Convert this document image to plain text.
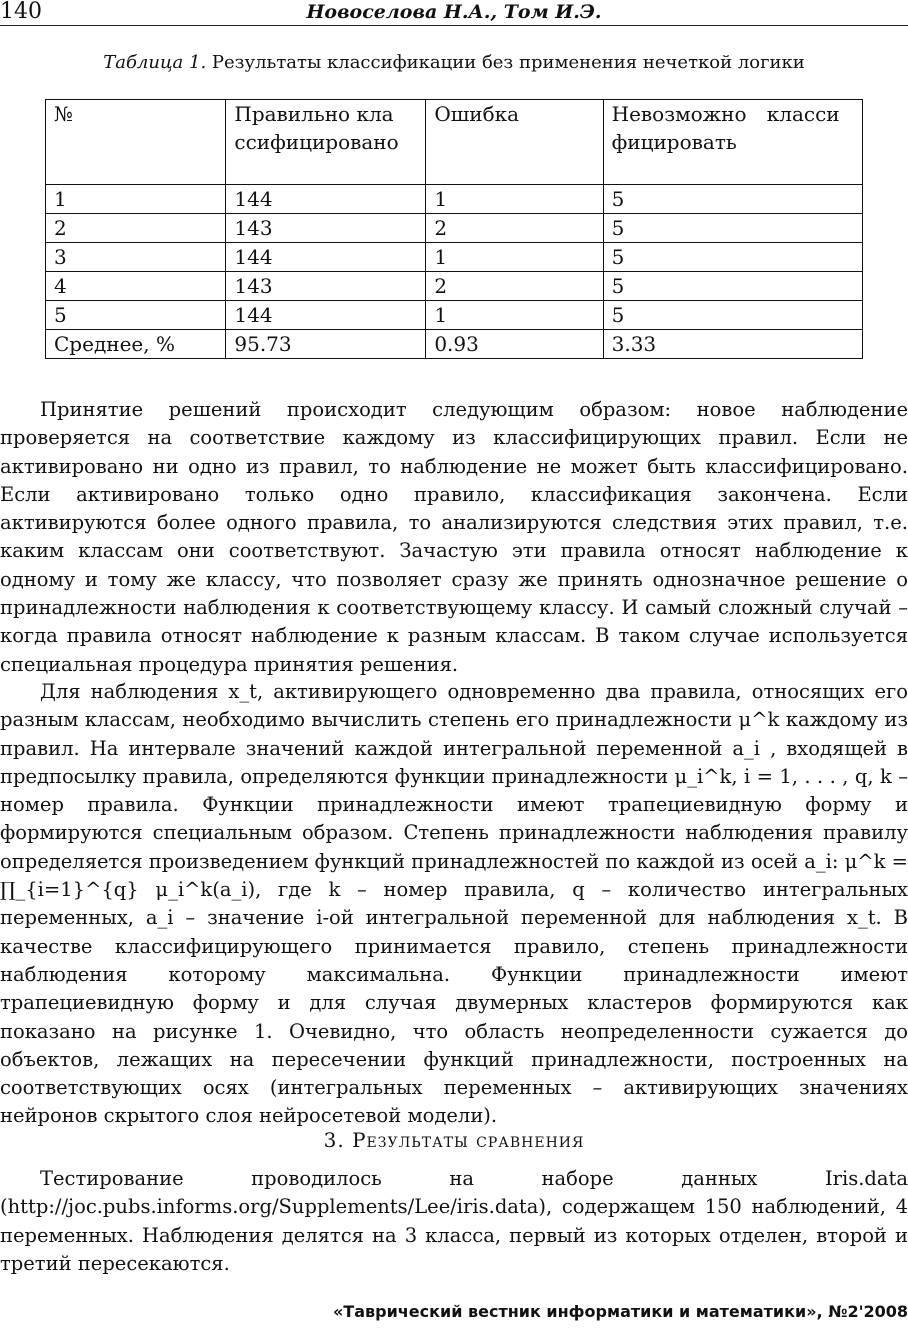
140	Новоселова Н.А., Том И.Э.
Таблица 1. Результаты классификации без применения нечеткой логики
№	Правильно классифицировано	Ошибка	Невозможно классифицировать

1	144	1	5
2	143	2	5
3	144	1	5
4	143	2	5
5	144	1	5
Среднее, %	95.73	0.93	3.33

Принятие решений происходит следующим образом: новое наблюдение проверяется на соответствие каждому из классифицирующих правил. Если не активировано ни одно из правил, то наблюдение не может быть классифицировано. Если активировано только одно правило, классификация закончена. Если активируются более одного правила, то анализируются следствия этих правил, т.е. каким классам они соответствуют. Зачастую эти правила относят наблюдение к одному и тому же классу, что позволяет сразу же принять однозначное решение о принадлежности наблюдения к соответствующему классу. И самый сложный случай – когда правила относят наблюдение к разным классам. В таком случае используется специальная процедура принятия решения.

Для наблюдения x_t, активирующего одновременно два правила, относящих его разным классам, необходимо вычислить степень его принадлежности μ^k каждому из правил. На интервале значений каждой интегральной переменной a_i , входящей в предпосылку правила, определяются функции принадлежности μ_i^k, i = 1, . . . , q, k – номер правила. Функции принадлежности имеют трапециевидную форму и формируются специальным образом. Степень принадлежности наблюдения правилу определяется произведением функций принадлежностей по каждой из осей a_i: μ^k = ∏_{i=1}^{q} μ_i^k(a_i), где k – номер правила, q – количество интегральных переменных, a_i – значение i-ой интегральной переменной для наблюдения x_t. В качестве классифицирующего принимается правило, степень принадлежности наблюдения которому максимальна. Функции принадлежности имеют трапециевидную форму и для случая двумерных кластеров формируются как показано на рисунке 1. Очевидно, что область неопределенности сужается до объектов, лежащих на пересечении функций принадлежности, построенных на соответствующих осях (интегральных переменных – активирующих значениях нейронов скрытого слоя нейросетевой модели).

3. Результаты сравнения

Тестирование проводилось на наборе данных Iris.data (http://joc.pubs.informs.org/Supplements/Lee/iris.data), содержащем 150 наблюдений, 4 переменных. Наблюдения делятся на 3 класса, первый из которых отделен, второй и третий пересекаются.

«Таврический вестник информатики и математики», №2'2008
